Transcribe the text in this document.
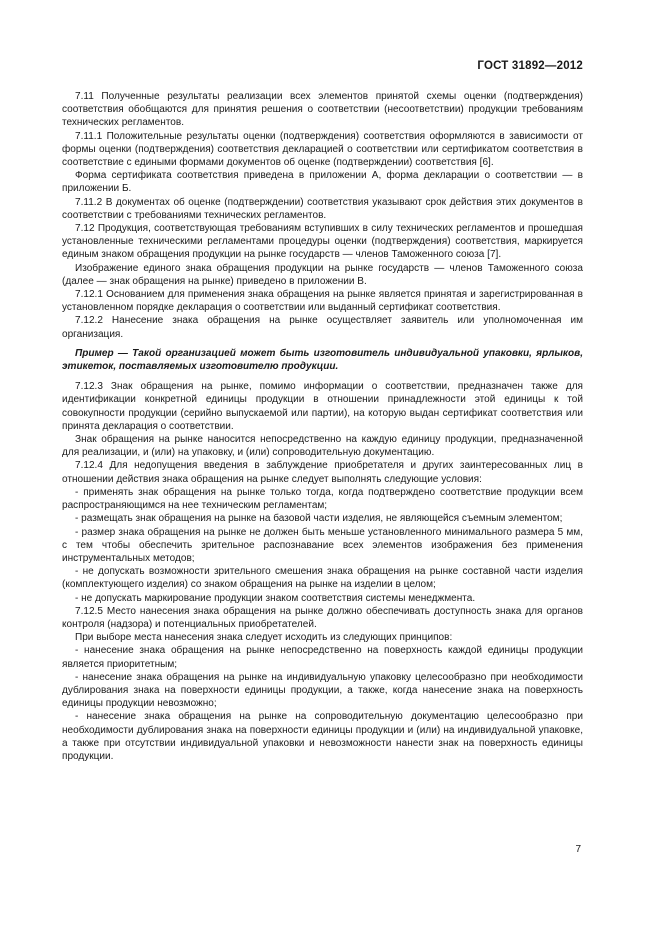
ГОСТ 31892—2012

7.11 Полученные результаты реализации всех элементов принятой схемы оценки (подтверждения) соответствия обобщаются для принятия решения о соответствии (несоответствии) продукции требованиям технических регламентов.

7.11.1 Положительные результаты оценки (подтверждения) соответствия оформляются в зависимости от формы оценки (подтверждения) соответствия декларацией о соответствии или сертификатом соответствия в соответствие с едиными формами документов об оценке (подтверждении) соответствия [6].

Форма сертификата соответствия приведена в приложении А, форма декларации о соответствии — в приложении Б.

7.11.2 В документах об оценке (подтверждении) соответствия указывают срок действия этих документов в соответствии с требованиями технических регламентов.

7.12 Продукция, соответствующая требованиям вступивших в силу технических регламентов и прошедшая установленные техническими регламентами процедуры оценки (подтверждения) соответствия, маркируется единым знаком обращения продукции на рынке государств — членов Таможенного союза [7].

Изображение единого знака обращения продукции на рынке государств — членов Таможенного союза (далее — знак обращения на рынке) приведено в приложении В.

7.12.1 Основанием для применения знака обращения на рынке является принятая и зарегистрированная в установленном порядке декларация о соответствии или выданный сертификат соответствия.

7.12.2 Нанесение знака обращения на рынке осуществляет заявитель или уполномоченная им организация.

Пример — Такой организацией может быть изготовитель индивидуальной упаковки, ярлыков, этикеток, поставляемых изготовителю продукции.

7.12.3 Знак обращения на рынке, помимо информации о соответствии, предназначен также для идентификации конкретной единицы продукции в отношении принадлежности этой единицы к той совокупности продукции (серийно выпускаемой или партии), на которую выдан сертификат соответствия или принята декларация о соответствии.

Знак обращения на рынке наносится непосредственно на каждую единицу продукции, предназначенной для реализации, и (или) на упаковку, и (или) сопроводительную документацию.

7.12.4 Для недопущения введения в заблуждение приобретателя и других заинтересованных лиц в отношении действия знака обращения на рынке следует выполнять следующие условия:

- применять знак обращения на рынке только тогда, когда подтверждено соответствие продукции всем распространяющимся на нее техническим регламентам;

- размещать знак обращения на рынке на базовой части изделия, не являющейся съемным элементом;

- размер знака обращения на рынке не должен быть меньше установленного минимального размера 5 мм, с тем чтобы обеспечить зрительное распознавание всех элементов изображения без применения инструментальных методов;

- не допускать возможности зрительного смешения знака обращения на рынке составной части изделия (комплектующего изделия) со знаком обращения на рынке на изделии в целом;

- не допускать маркирование продукции знаком соответствия системы менеджмента.

7.12.5 Место нанесения знака обращения на рынке должно обеспечивать доступность знака для органов контроля (надзора) и потенциальных приобретателей.

При выборе места нанесения знака следует исходить из следующих принципов:

- нанесение знака обращения на рынке непосредственно на поверхность каждой единицы продукции является приоритетным;

- нанесение знака обращения на рынке на индивидуальную упаковку целесообразно при необходимости дублирования знака на поверхности единицы продукции, а также, когда нанесение знака на поверхность единицы продукции невозможно;

- нанесение знака обращения на рынке на сопроводительную документацию целесообразно при необходимости дублирования знака на поверхности единицы продукции и (или) на индивидуальной упаковке, а также при отсутствии индивидуальной упаковки и невозможности нанести знак на поверхность единицы продукции.

7
